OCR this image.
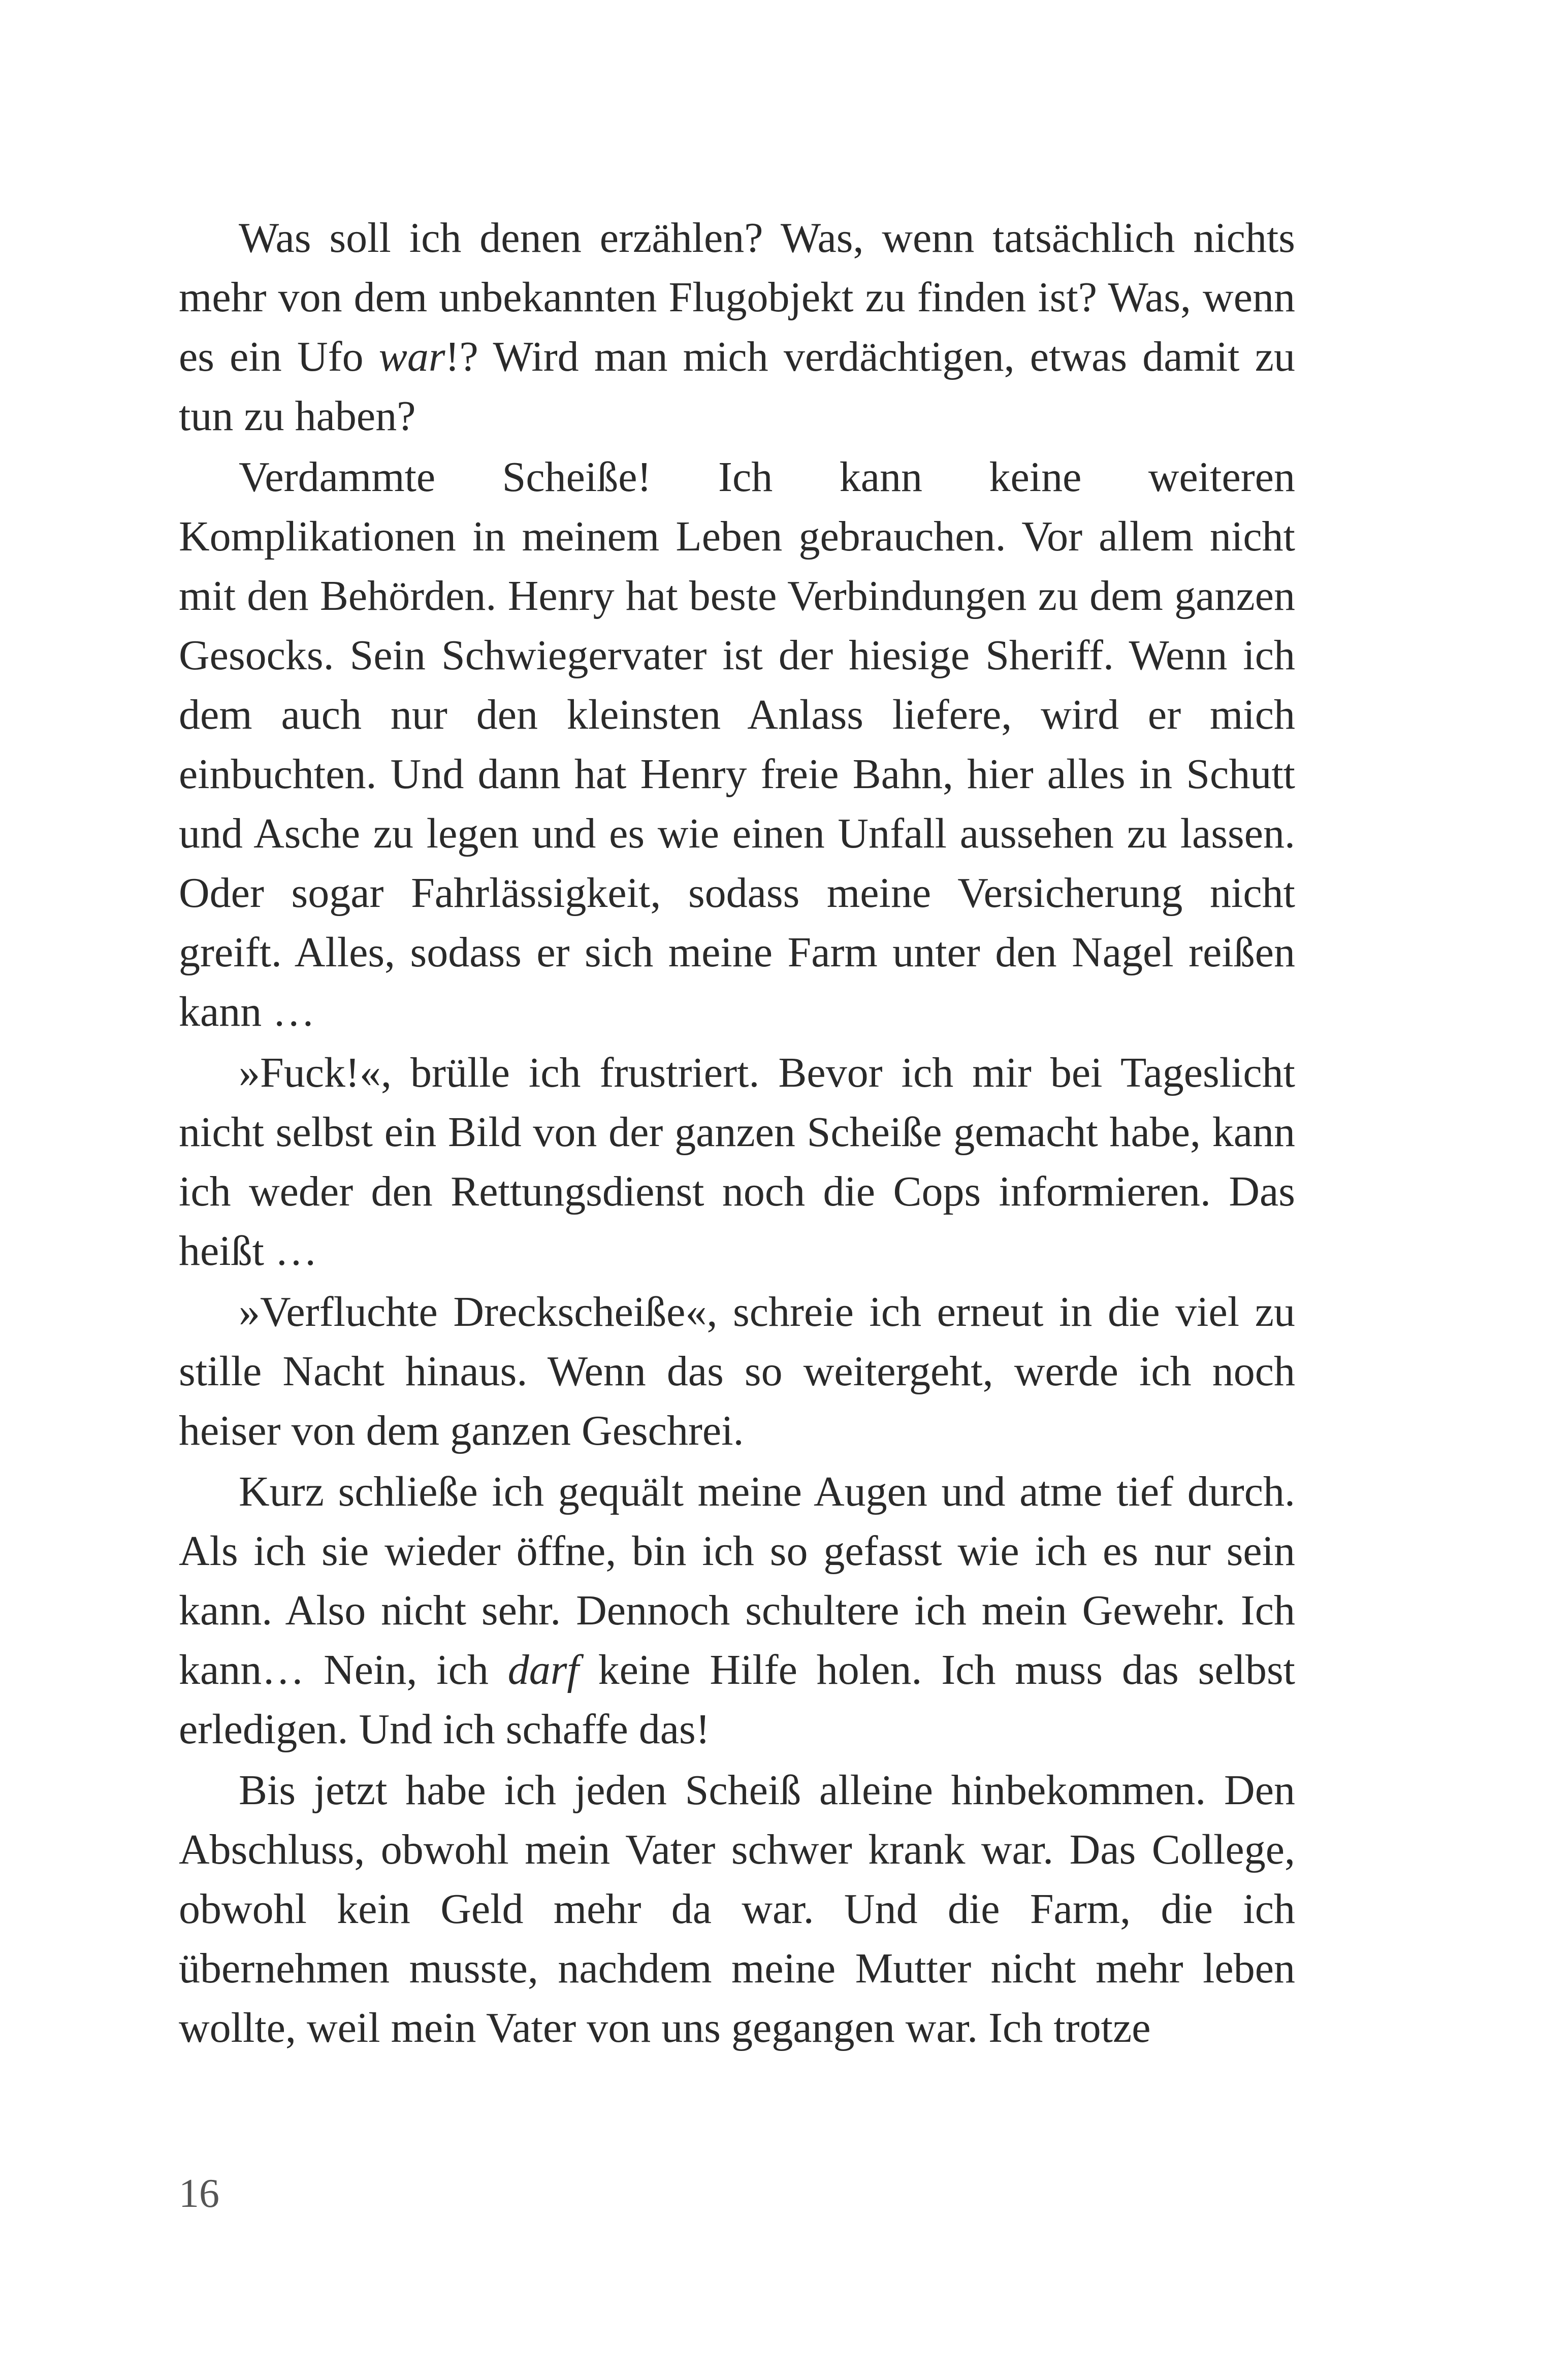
Was soll ich denen erzählen? Was, wenn tatsächlich nichts mehr von dem unbekannten Flugobjekt zu finden ist? Was, wenn es ein Ufo war!? Wird man mich verdächtigen, etwas damit zu tun zu haben?

Verdammte Scheiße! Ich kann keine weiteren Komplikationen in meinem Leben gebrauchen. Vor allem nicht mit den Behörden. Henry hat beste Verbindungen zu dem ganzen Gesocks. Sein Schwiegervater ist der hiesige Sheriff. Wenn ich dem auch nur den kleinsten Anlass liefere, wird er mich einbuchten. Und dann hat Henry freie Bahn, hier alles in Schutt und Asche zu legen und es wie einen Unfall aussehen zu lassen. Oder sogar Fahrlässigkeit, sodass meine Versicherung nicht greift. Alles, sodass er sich meine Farm unter den Nagel reißen kann …

»Fuck!«, brülle ich frustriert. Bevor ich mir bei Tageslicht nicht selbst ein Bild von der ganzen Scheiße gemacht habe, kann ich weder den Rettungsdienst noch die Cops informieren. Das heißt …

»Verfluchte Dreckscheiße«, schreie ich erneut in die viel zu stille Nacht hinaus. Wenn das so weitergeht, werde ich noch heiser von dem ganzen Geschrei.

Kurz schließe ich gequält meine Augen und atme tief durch. Als ich sie wieder öffne, bin ich so gefasst wie ich es nur sein kann. Also nicht sehr. Dennoch schultere ich mein Gewehr. Ich kann… Nein, ich darf keine Hilfe holen. Ich muss das selbst erledigen. Und ich schaffe das!

Bis jetzt habe ich jeden Scheiß alleine hinbekommen. Den Abschluss, obwohl mein Vater schwer krank war. Das College, obwohl kein Geld mehr da war. Und die Farm, die ich übernehmen musste, nachdem meine Mutter nicht mehr leben wollte, weil mein Vater von uns gegangen war. Ich trotze

16
